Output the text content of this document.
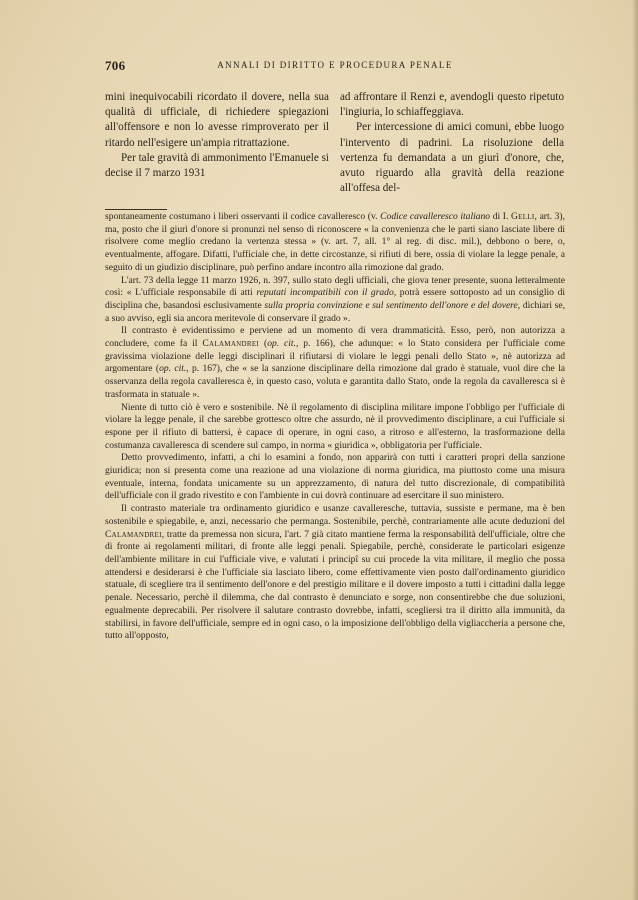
706	ANNALI DI DIRITTO E PROCEDURA PENALE

mini inequivocabili ricordato il dovere, nella sua qualità di ufficiale, di richiedere spiegazioni all'offensore e non lo avesse rimproverato per il ritardo nell'esigere un'ampia ritrattazione.

Per tale gravità di ammonimento l'Emanuele si decise il 7 marzo 1931

ad affrontare il Renzi e, avendogli questo ripetuto l'ingiuria, lo schiaffeggiava.

Per intercessione di amici comuni, ebbe luogo l'intervento di padrini. La risoluzione della vertenza fu demandata a un giurì d'onore, che, avuto riguardo alla gravità della reazione all'offesa del-

spontaneamente costumano i liberi osservanti il codice cavalleresco (v. Codice cavalleresco italiano di I. Gelli, art. 3), ma, posto che il giurì d'onore si pronunzi nel senso di riconoscere « la convenienza che le parti siano lasciate libere di risolvere come meglio credano la vertenza stessa » (v. art. 7, all. 1° al reg. di disc. mil.), debbono o bere, o, eventualmente, affogare. Difatti, l'ufficiale che, in dette circostanze, si rifiuti di bere, ossia di violare la legge penale, a seguito di un giudizio disciplinare, può perfino andare incontro alla rimozione dal grado.

L'art. 73 della legge 11 marzo 1926, n. 397, sullo stato degli ufficiali, che giova tener presente, suona letteralmente così: « L'ufficiale responsabile di atti reputati incompatibili con il grado, potrà essere sottoposto ad un consiglio di disciplina che, basandosi esclusivamente sulla propria convinzione e sul sentimento dell'onore e del dovere, dichiari se, a suo avviso, egli sia ancora meritevole di conservare il grado ».

Il contrasto è evidentissimo e perviene ad un momento di vera drammaticità. Esso, però, non autorizza a concludere, come fa il Calamandrei (op. cit., p. 166), che adunque: « lo Stato considera per l'ufficiale come gravissima violazione delle leggi disciplinari il rifiutarsi di violare le leggi penali dello Stato », nè autorizza ad argomentare (op. cit., p. 167), che « se la sanzione disciplinare della rimozione dal grado è statuale, vuol dire che la osservanza della regola cavalleresca è, in questo caso, voluta e garantita dallo Stato, onde la regola da cavalleresca si è trasformata in statuale ».

Niente di tutto ciò è vero e sostenibile. Nè il regolamento di disciplina militare impone l'obbligo per l'ufficiale di violare la legge penale, il che sarebbe grottesco oltre che assurdo, nè il provvedimento disciplinare, a cui l'ufficiale si espone per il rifiuto di battersi, è capace di operare, in ogni caso, a ritroso e all'esterno, la trasformazione della costumanza cavalleresca di scendere sul campo, in norma « giuridica », obbligatoria per l'ufficiale.

Detto provvedimento, infatti, a chi lo esamini a fondo, non apparirà con tutti i caratteri propri della sanzione giuridica; non si presenta come una reazione ad una violazione di norma giuridica, ma piuttosto come una misura eventuale, interna, fondata unicamente su un apprezzamento, di natura del tutto discrezionale, di compatibilità dell'ufficiale con il grado rivestito e con l'ambiente in cui dovrà continuare ad esercitare il suo ministero.

Il contrasto materiale tra ordinamento giuridico e usanze cavalleresche, tuttavia, sussiste e permane, ma è ben sostenibile e spiegabile, e, anzi, necessario che permanga. Sostenibile, perchè, contrariamente alle acute deduzioni del Calamandrei, tratte da premessa non sicura, l'art. 7 già citato mantiene ferma la responsabilità dell'ufficiale, oltre che di fronte ai regolamenti militari, di fronte alle leggi penali. Spiegabile, perchè, considerate le particolari esigenze dell'ambiente militare in cui l'ufficiale vive, e valutati i principî su cui procede la vita militare, il meglio che possa attendersi e desiderarsi è che l'ufficiale sia lasciato libero, come effettivamente vien posto dall'ordinamento giuridico statuale, di scegliere tra il sentimento dell'onore e del prestigio militare e il dovere imposto a tutti i cittadini dalla legge penale. Necessario, perchè il dilemma, che dal contrasto è denunciato e sorge, non consentirebbe che due soluzioni, egualmente deprecabili. Per risolvere il salutare contrasto dovrebbe, infatti, scegliersi tra il diritto alla immunità, da stabilirsi, in favore dell'ufficiale, sempre ed in ogni caso, o la imposizione dell'obbligo della vigliaccheria a persone che, tutto all'opposto,
